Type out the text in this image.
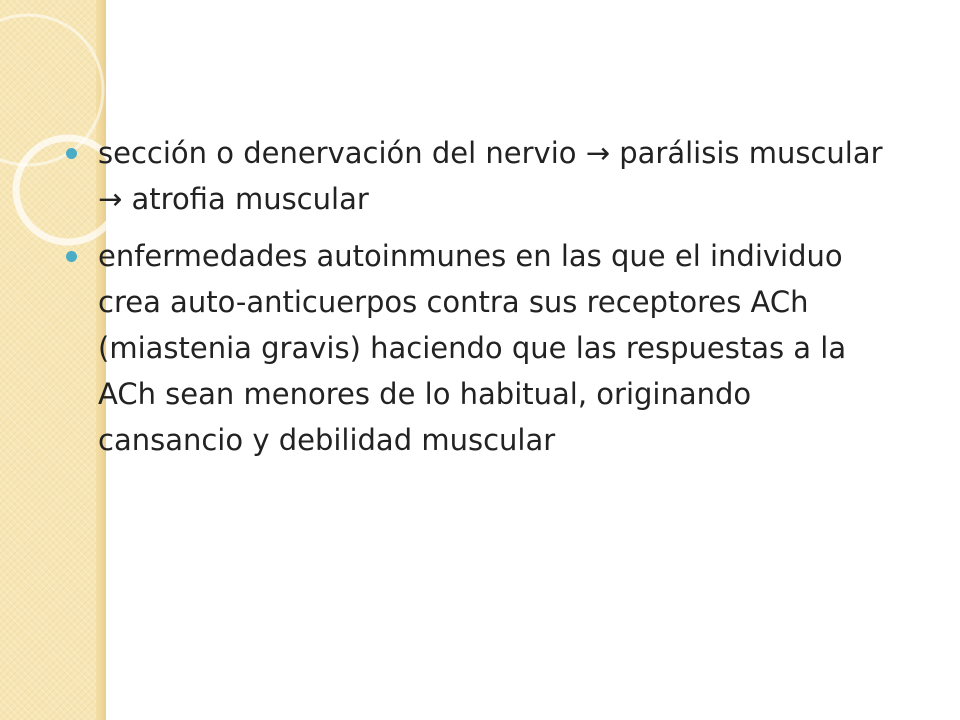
sección o denervación del nervio → parálisis muscular → atrofia muscular
enfermedades autoinmunes en las que el individuo crea auto-anticuerpos contra sus receptores ACh (miastenia gravis) haciendo que las respuestas a la ACh sean menores de lo habitual, originando cansancio y debilidad muscular
